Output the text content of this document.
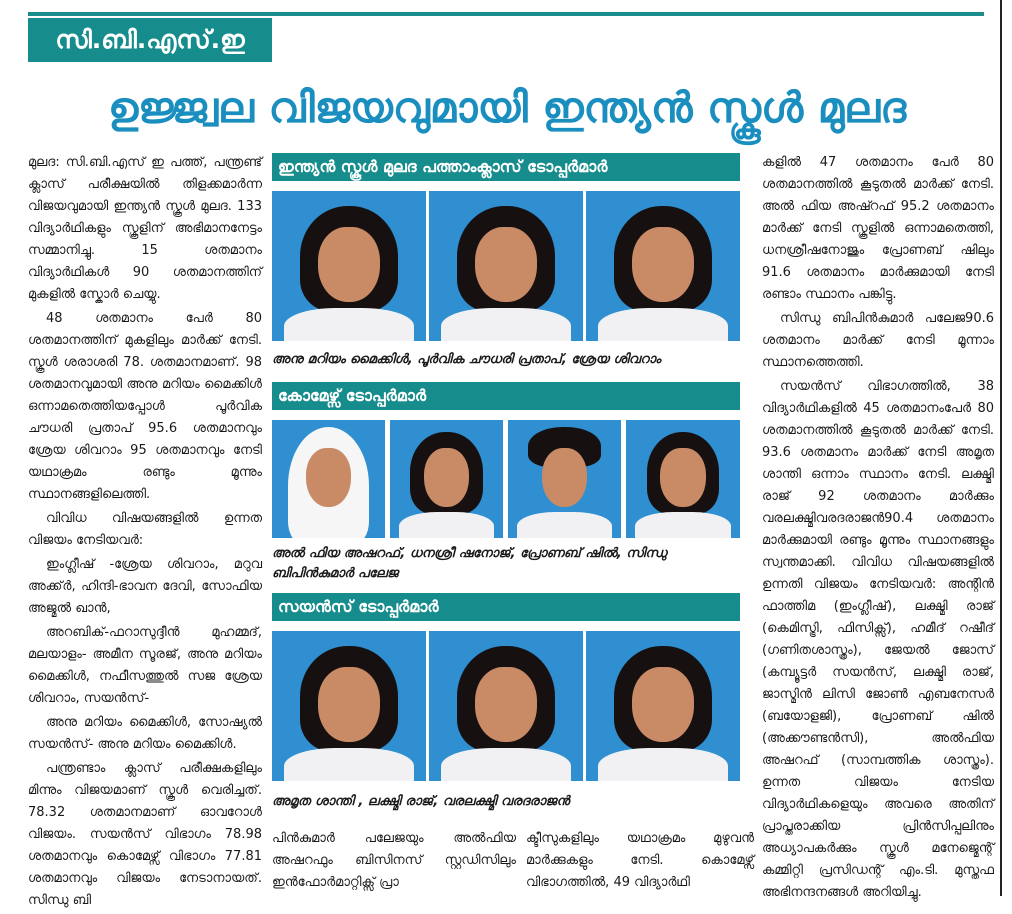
സി.ബി.എസ്.ഇ
ഉജ്ജ്വല വിജയവുമായി ഇന്ത്യൻ സ്കൂൾ മുലദ

മുലദ: സി.ബി.എസ് ഇ പത്ത്, പന്ത്രണ്ട് ക്ലാസ് പരീക്ഷയിൽ തിളക്കമാർന്ന വിജയവുമായി ഇന്ത്യൻ സ്കൂൾ മുലദ. 133 വിദ്യാർഥികളും സ്കൂളിന് അഭിമാനനേട്ടം സമ്മാനിച്ചു. 15 ശതമാനം വിദ്യാർഥികൾ 90 ശതമാനത്തിന് മുകളിൽ സ്കോർ ചെയ്യു.

48 ശതമാനം പേർ 80 ശതമാനത്തിന് മുകളിലും മാർക്ക് നേടി. സ്കൂൾ ശരാശരി 78. ശതമാനമാണ്. 98 ശതമാനവുമായി അനു മറിയം മൈക്കിൾ ഒന്നാമതെത്തിയപ്പോൾ പൂർവിക ചൗധരി പ്രതാപ് 95.6 ശതമാനവും ശ്രേയ ശിവറാം 95 ശതമാനവും നേടി യഥാക്രമം രണ്ടും മൂന്നും സ്ഥാനങ്ങളിലെത്തി.

വിവിധ വിഷയങ്ങളിൽ ഉന്നത വിജയം നേടിയവർ:

ഇംഗ്ലീഷ് -ശ്രേയ ശിവറാം, മറുവ അക്ക്ർ, ഹിന്ദി-ഭാവന ദേവി, സോഫിയ അജ്മൽ ഖാൻ,

അറബിക്-ഫറാസുദ്ദീൻ മുഹമ്മദ്, മലയാളം- അമീന സൂരജ്, അനു മറിയം മൈക്കിൾ, നഫീസത്തുൽ സജ ശ്രേയ ശിവറാം, സയൻസ്-

അനു മറിയം മൈക്കിൾ, സോഷ്യൽ സയൻസ്- അനു മറിയം മൈക്കിൾ.

പന്ത്രണ്ടാം ക്ലാസ് പരീക്ഷകളിലും മിന്നും വിജയമാണ് സ്കൂൾ വെരിച്ചത്. 78.32 ശതമാനമാണ് ഓവറോൾ വിജയം. സയൻസ് വിഭാഗം 78.98 ശതമാനവും കൊമേഴ്സ് വിഭാഗം 77.81 ശതമാനവും വിജയം നേടാനായത്. സിന്ധു ബി

ഇന്ത്യൻ സ്കൂൾ മുലദ പത്താംക്ലാസ് ടോപ്പർമാർ
അനു മറിയം മൈക്കിൾ, പൂർവിക ചൗധരി പ്രതാപ്, ശ്രേയ ശിവറാം
കോമേഴ്സ് ടോപ്പർമാർ
അൽ ഫിയ അഷറഫ്, ധനശ്രീ ഷനോജ്, പ്രോണബ് ഷിൽ, സിന്ധു ബിപിൻകുമാർ പലേജ
സയൻസ് ടോപ്പർമാർ
അമൃത ശാന്തി , ലക്ഷ്മി രാജ്, വരലക്ഷ്മി വരദരാജൻ
പിൻകുമാർ പലേജയും അൽഫിയ അഷറഫും ബിസിനസ് സ്റ്റഡിസിലും ഇൻഫോർമാറ്റിക്സ് പ്രാ
ക്ടീസുകളിലും യഥാക്രമം മുഴുവൻ മാർക്കുകളും നേടി. കൊമേഴ്സ് വിഭാഗത്തിൽ, 49 വിദ്യാർഥി

കളിൽ 47 ശതമാനം പേർ 80 ശതമാനത്തിൽ കൂടുതൽ മാർക്ക് നേടി. അൽ ഫിയ അഷ്റഫ് 95.2 ശതമാനം മാർക്ക് നേടി സ്കൂളിൽ ഒന്നാമതെത്തി, ധനശ്രീഷനോജും പ്രോണബ് ഷിലും 91.6 ശതമാനം മാർക്കുമായി നേടി രണ്ടാം സ്ഥാനം പങ്കിട്ടു.

സിന്ധു ബിപിൻകുമാർ പലേജ90.6 ശതമാനം മാർക്ക് നേടി മൂന്നാം സ്ഥാനത്തെത്തി.

സയൻസ് വിഭാഗത്തിൽ, 38 വിദ്യാർഥികളിൽ 45 ശതമാനംപേർ 80 ശതമാനത്തിൽ കൂടുതൽ മാർക്ക് നേടി. 93.6 ശതമാനം മാർക്ക് നേടി അമൃത ശാന്തി ഒന്നാം സ്ഥാനം നേടി. ലക്ഷ്മി രാജ് 92 ശതമാനം മാർക്കും വരലക്ഷ്മിവരദരാജൻ90.4 ശതമാനം മാർക്കുമായി രണ്ടും മൂന്നും സ്ഥാനങ്ങളും സ്വന്തമാക്കി. വിവിധ വിഷയങ്ങളിൽ ഉന്നതി വിജയം നേടിയവർ: അന്റിൻ ഫാത്തിമ (ഇംഗ്ലീഷ്), ലക്ഷ്മി രാജ് (കെമിസ്ട്രി, ഫിസിക്സ്), ഹമീദ് റഷീദ് (ഗണിതശാസ്ത്രം), ജേയൽ ജോസ് (കമ്പ്യൂട്ടർ സയൻസ്, ലക്ഷ്മി രാജ്, ജാസ്മിൻ ലിസി ജോൺ എബനേസർ (ബയോളജി), പ്രോണബ് ഷിൽ (അക്കൗണ്ടൻസി), അൽഫിയ അഷറഫ് (സാമ്പത്തിക ശാസ്ത്രം). ഉന്നത വിജയം നേടിയ വിദ്യാർഥികളെയും അവരെ അതിന് പ്രാപ്തരാക്കിയ പ്രിൻസിപ്പലിനും അധ്യാപകർക്കും സ്കൂൾ മനേജ്മെന്റ് കമ്മിറ്റി പ്രസിഡന്റ് എം.ടി. മുസ്തഫ അഭിനന്ദനങ്ങൾ അറിയിച്ചു.
